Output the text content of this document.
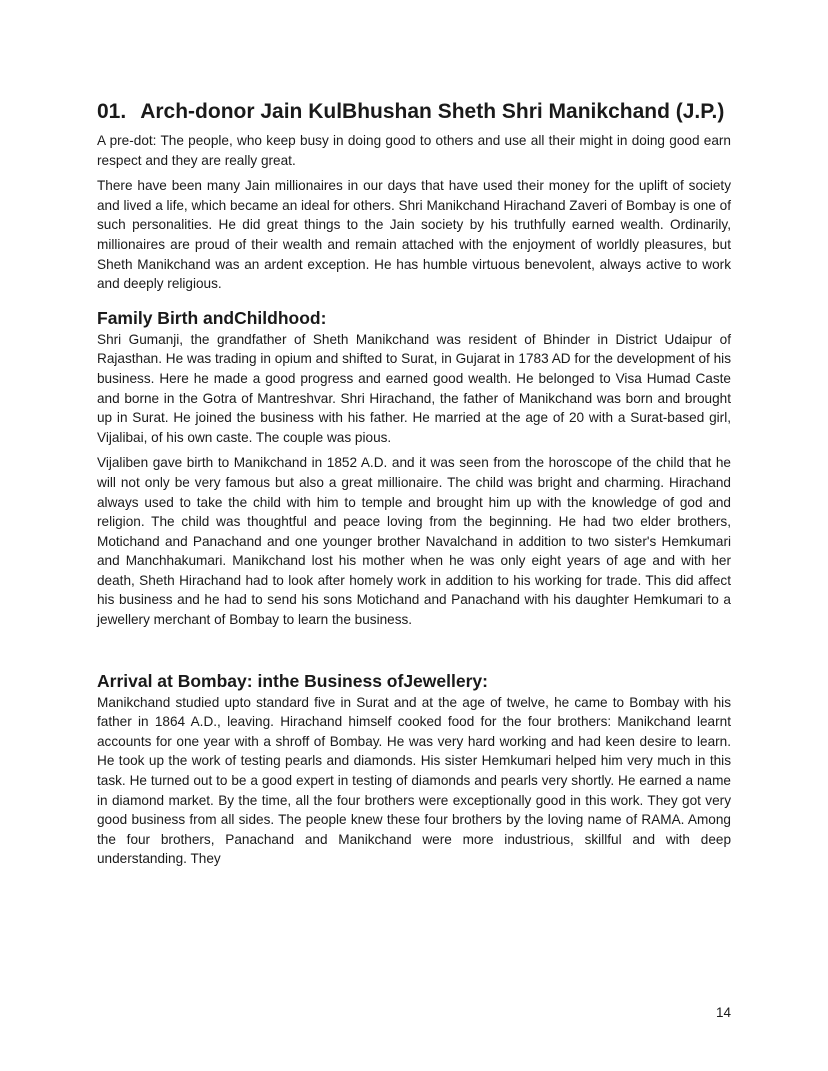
01. Arch-donor Jain KulBhushan Sheth Shri Manikchand (J.P.)

A pre-dot: The people, who keep busy in doing good to others and use all their might in doing good earn respect and they are really great.

There have been many Jain millionaires in our days that have used their money for the uplift of society and lived a life, which became an ideal for others. Shri Manikchand Hirachand Zaveri of Bombay is one of such personalities. He did great things to the Jain society by his truthfully earned wealth. Ordinarily, millionaires are proud of their wealth and remain attached with the enjoyment of worldly pleasures, but Sheth Manikchand was an ardent exception. He has humble virtuous benevolent, always active to work and deeply religious.

Family Birth andChildhood:

Shri Gumanji, the grandfather of Sheth Manikchand was resident of Bhinder in District Udaipur of Rajasthan. He was trading in opium and shifted to Surat, in Gujarat in 1783 AD for the development of his business. Here he made a good progress and earned good wealth. He belonged to Visa Humad Caste and borne in the Gotra of Mantreshvar. Shri Hirachand, the father of Manikchand was born and brought up in Surat. He joined the business with his father. He married at the age of 20 with a Surat-based girl, Vijalibai, of his own caste. The couple was pious.

Vijaliben gave birth to Manikchand in 1852 A.D. and it was seen from the horoscope of the child that he will not only be very famous but also a great millionaire. The child was bright and charming. Hirachand always used to take the child with him to temple and brought him up with the knowledge of god and religion. The child was thoughtful and peace loving from the beginning. He had two elder brothers, Motichand and Panachand and one younger brother Navalchand in addition to two sister's Hemkumari and Manchhakumari. Manikchand lost his mother when he was only eight years of age and with her death, Sheth Hirachand had to look after homely work in addition to his working for trade. This did affect his business and he had to send his sons Motichand and Panachand with his daughter Hemkumari to a jewellery merchant of Bombay to learn the business.

Arrival at Bombay: inthe Business ofJewellery:

Manikchand studied upto standard five in Surat and at the age of twelve, he came to Bombay with his father in 1864 A.D., leaving. Hirachand himself cooked food for the four brothers: Manikchand learnt accounts for one year with a shroff of Bombay. He was very hard working and had keen desire to learn. He took up the work of testing pearls and diamonds. His sister Hemkumari helped him very much in this task. He turned out to be a good expert in testing of diamonds and pearls very shortly. He earned a name in diamond market. By the time, all the four brothers were exceptionally good in this work. They got very good business from all sides. The people knew these four brothers by the loving name of RAMA. Among the four brothers, Panachand and Manikchand were more industrious, skillful and with deep understanding. They

14
